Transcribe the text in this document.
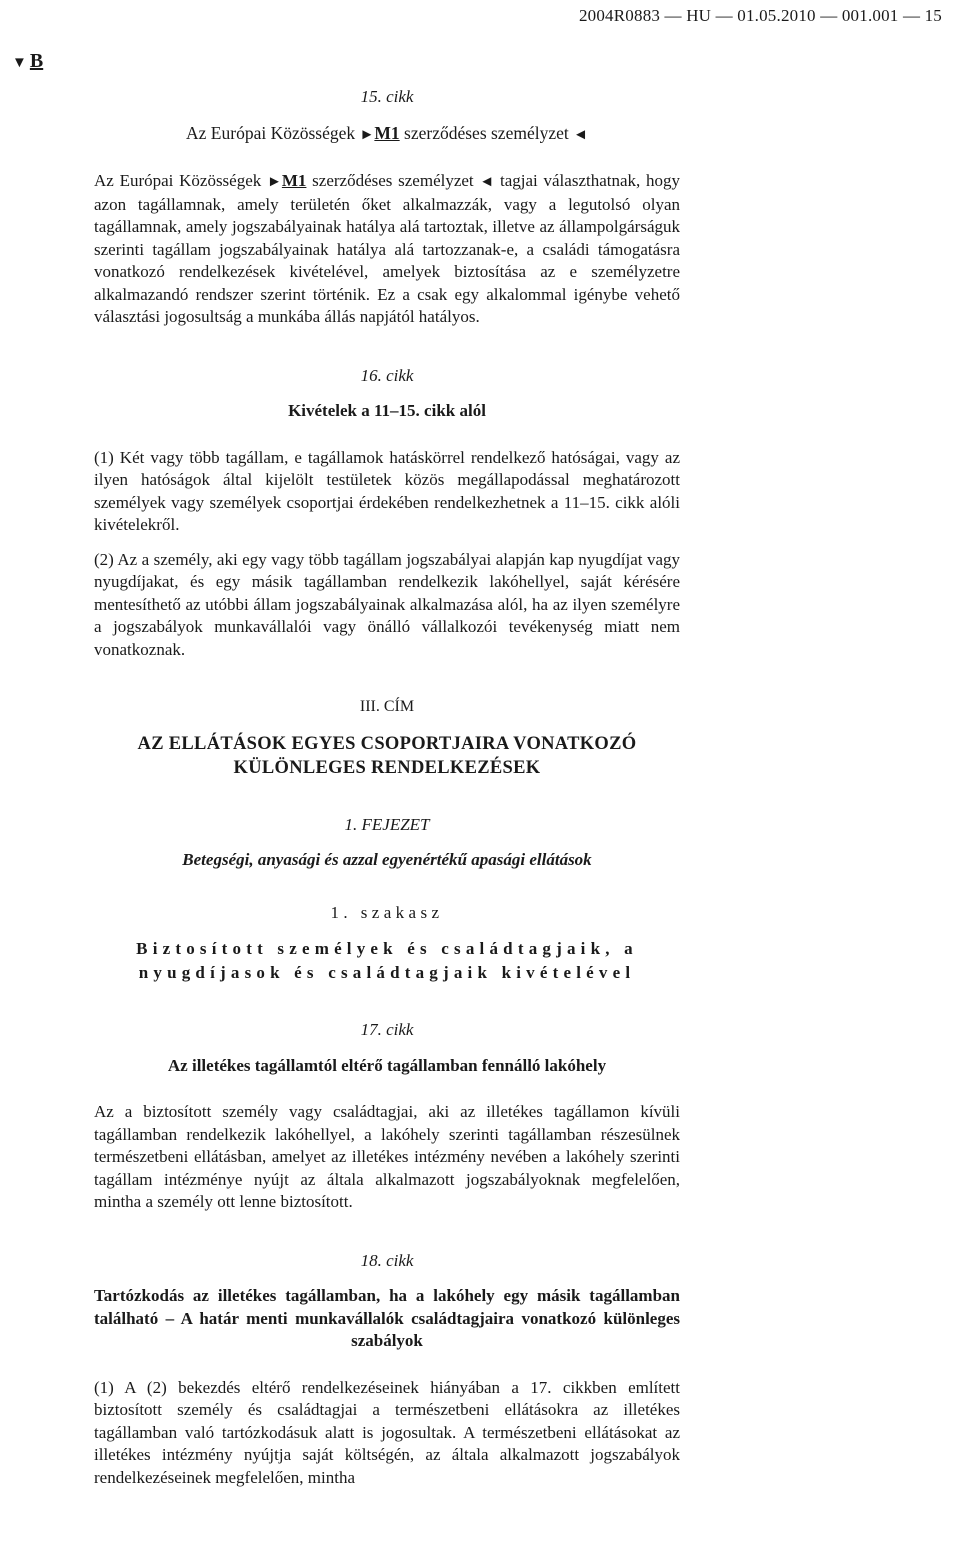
2004R0883 — HU — 01.05.2010 — 001.001 — 15
▼ B

15. cikk

Az Európai Közösségek ►M1 szerződéses személyzet ◄

Az Európai Közösségek ►M1 szerződéses személyzet ◄ tagjai választhatnak, hogy azon tagállamnak, amely területén őket alkalmazzák, vagy a legutolsó olyan tagállamnak, amely jogszabályainak hatálya alá tartoztak, illetve az állampolgárságuk szerinti tagállam jogszabályainak hatálya alá tartozzanak-e, a családi támogatásra vonatkozó rendelkezések kivételével, amelyek biztosítása az e személyzetre alkalmazandó rendszer szerint történik. Ez a csak egy alkalommal igénybe vehető választási jogosultság a munkába állás napjától hatályos.

16. cikk

Kivételek a 11–15. cikk alól

(1) Két vagy több tagállam, e tagállamok hatáskörrel rendelkező hatóságai, vagy az ilyen hatóságok által kijelölt testületek közös megállapodással meghatározott személyek vagy személyek csoportjai érdekében rendelkezhetnek a 11–15. cikk alóli kivételekről.

(2) Az a személy, aki egy vagy több tagállam jogszabályai alapján kap nyugdíjat vagy nyugdíjakat, és egy másik tagállamban rendelkezik lakóhellyel, saját kérésére mentesíthető az utóbbi állam jogszabályainak alkalmazása alól, ha az ilyen személyre a jogszabályok munkavállalói vagy önálló vállalkozói tevékenység miatt nem vonatkoznak.

III. CÍM

AZ ELLÁTÁSOK EGYES CSOPORTJAIRA VONATKOZÓ KÜLÖNLEGES RENDELKEZÉSEK

1. FEJEZET

Betegségi, anyasági és azzal egyenértékű apasági ellátások

1. szakasz

Biztosított személyek és családtagjaik, a nyugdíjasok és családtagjaik kivételével

17. cikk

Az illetékes tagállamtól eltérő tagállamban fennálló lakóhely

Az a biztosított személy vagy családtagjai, aki az illetékes tagállamon kívüli tagállamban rendelkezik lakóhellyel, a lakóhely szerinti tagállamban részesülnek természetbeni ellátásban, amelyet az illetékes intézmény nevében a lakóhely szerinti tagállam intézménye nyújt az általa alkalmazott jogszabályoknak megfelelően, mintha a személy ott lenne biztosított.

18. cikk

Tartózkodás az illetékes tagállamban, ha a lakóhely egy másik tagállamban található – A határ menti munkavállalók családtagjaira vonatkozó különleges szabályok

(1) A (2) bekezdés eltérő rendelkezéseinek hiányában a 17. cikkben említett biztosított személy és családtagjai a természetbeni ellátásokra az illetékes tagállamban való tartózkodásuk alatt is jogosultak. A természetbeni ellátásokat az illetékes intézmény nyújtja saját költségén, az általa alkalmazott jogszabályok rendelkezéseinek megfelelően, mintha
